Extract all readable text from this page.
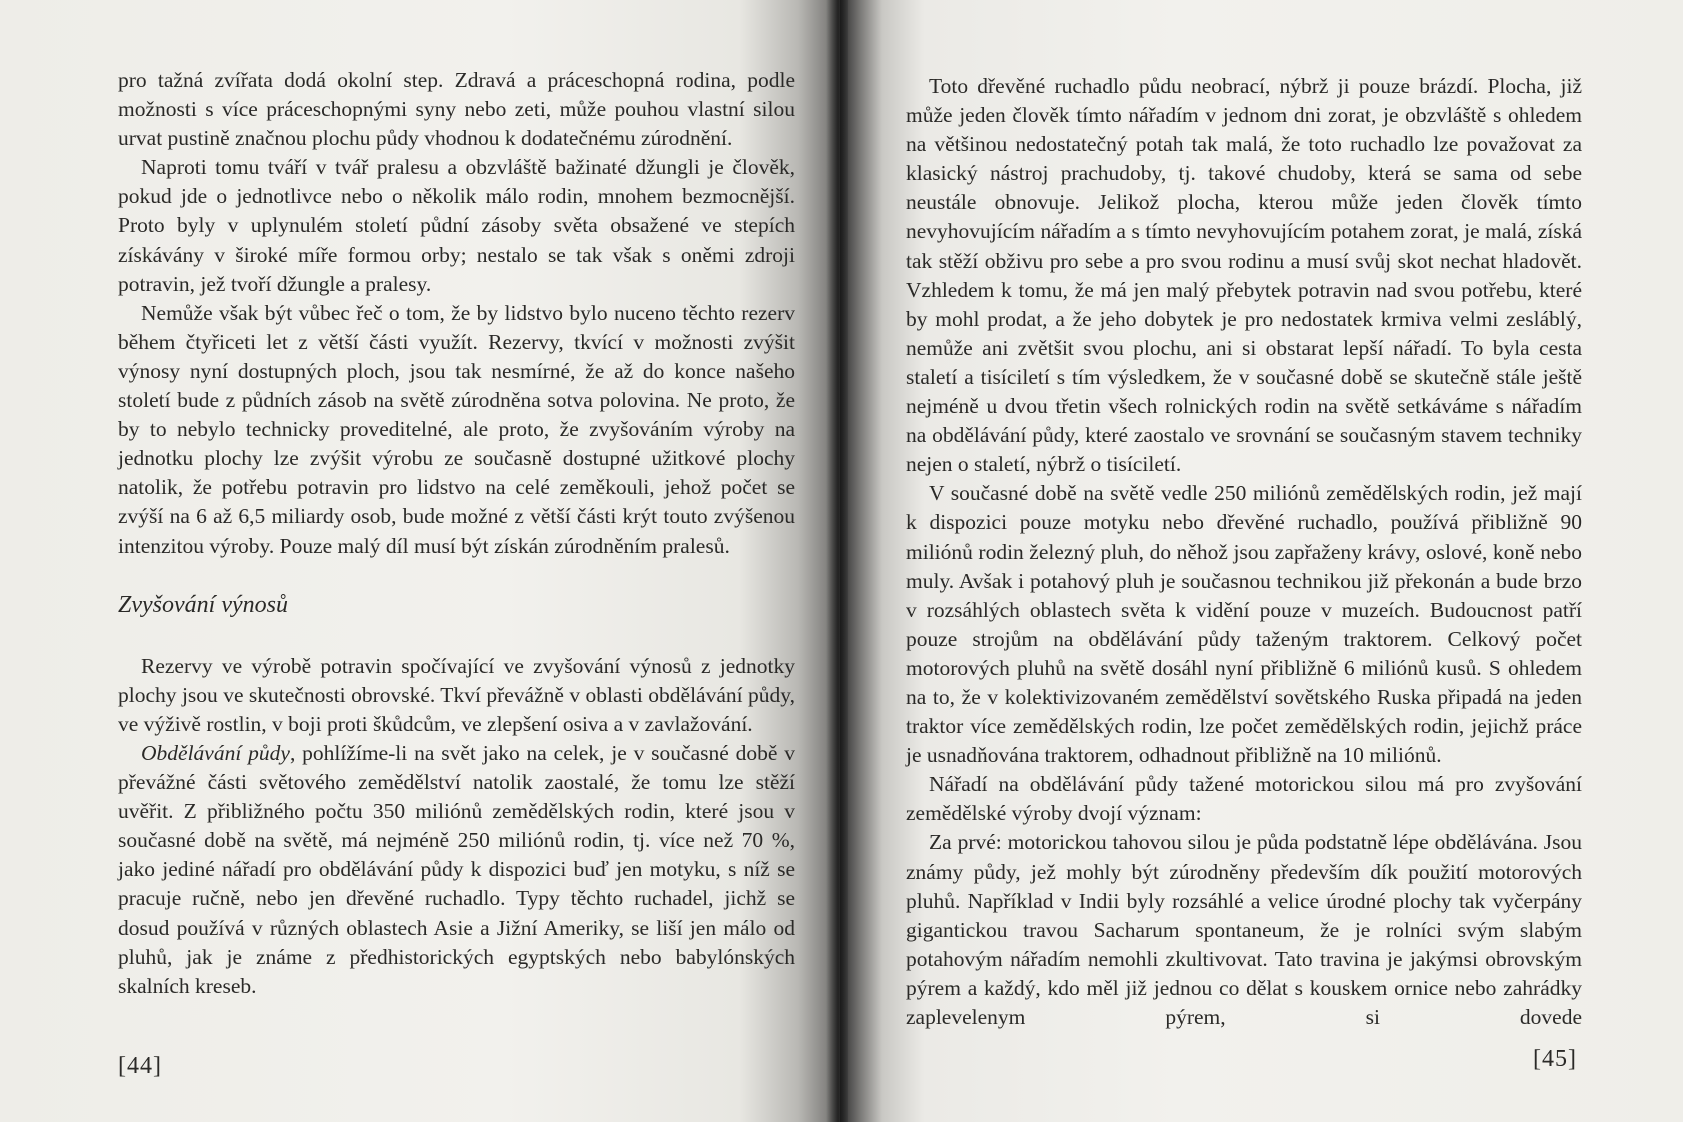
pro tažná zvířata dodá okolní step. Zdravá a práceschopná rodina, podle možnosti s více práceschopnými syny nebo zeti, může pouhou vlastní silou urvat pustině značnou plochu půdy vhodnou k dodatečnému zúrodnění.

Naproti tomu tváří v tvář pralesu a obzvláště bažinaté džungli je člověk, pokud jde o jednotlivce nebo o několik málo rodin, mnohem bezmocnější. Proto byly v uplynulém století půdní zásoby světa obsažené ve stepích získávány v široké míře formou orby; nestalo se tak však s oněmi zdroji potravin, jež tvoří džungle a pralesy.

Nemůže však být vůbec řeč o tom, že by lidstvo bylo nuceno těchto rezerv během čtyřiceti let z větší části využít. Rezervy, tkvící v možnosti zvýšit výnosy nyní dostupných ploch, jsou tak nesmírné, že až do konce našeho století bude z půdních zásob na světě zúrodněna sotva polovina. Ne proto, že by to nebylo technicky proveditelné, ale proto, že zvyšováním výroby na jednotku plochy lze zvýšit výrobu ze současně dostupné užitkové plochy natolik, že potřebu potravin pro lidstvo na celé zeměkouli, jehož počet se zvýší na 6 až 6,5 miliardy osob, bude možné z větší části krýt touto zvýšenou intenzitou výroby. Pouze malý díl musí být získán zúrodněním pralesů.

Zvyšování výnosů

Rezervy ve výrobě potravin spočívající ve zvyšování výnosů z jednotky plochy jsou ve skutečnosti obrovské. Tkví převážně v oblasti obdělávání půdy, ve výživě rostlin, v boji proti škůdcům, ve zlepšení osiva a v zavlažování.

Obdělávání půdy, pohlížíme-li na svět jako na celek, je v současné době v převážné části světového zemědělství natolik zaostalé, že tomu lze stěží uvěřit. Z přibližného počtu 350 miliónů zemědělských rodin, které jsou v současné době na světě, má nejméně 250 miliónů rodin, tj. více než 70 %, jako jediné nářadí pro obdělávání půdy k dispozici buď jen motyku, s níž se pracuje ručně, nebo jen dřevěné ruchadlo. Typy těchto ruchadel, jichž se dosud používá v různých oblastech Asie a Jižní Ameriky, se liší jen málo od pluhů, jak je známe z předhistorických egyptských nebo babylónských skalních kreseb.

Toto dřevěné ruchadlo půdu neobrací, nýbrž ji pouze brázdí. Plocha, již může jeden člověk tímto nářadím v jednom dni zorat, je obzvláště s ohledem na většinou nedostatečný potah tak malá, že toto ruchadlo lze považovat za klasický nástroj prachudoby, tj. takové chudoby, která se sama od sebe neustále obnovuje. Jelikož plocha, kterou může jeden člověk tímto nevyhovujícím nářadím a s tímto nevyhovujícím potahem zorat, je malá, získá tak stěží obživu pro sebe a pro svou rodinu a musí svůj skot nechat hladovět. Vzhledem k tomu, že má jen malý přebytek potravin nad svou potřebu, které by mohl prodat, a že jeho dobytek je pro nedostatek krmiva velmi zesláblý, nemůže ani zvětšit svou plochu, ani si obstarat lepší nářadí. To byla cesta staletí a tisíciletí s tím výsledkem, že v současné době se skutečně stále ještě nejméně u dvou třetin všech rolnických rodin na světě setkáváme s nářadím na obdělávání půdy, které zaostalo ve srovnání se současným stavem techniky nejen o staletí, nýbrž o tisíciletí.

V současné době na světě vedle 250 miliónů zemědělských rodin, jež mají k dispozici pouze motyku nebo dřevěné ruchadlo, používá přibližně 90 miliónů rodin železný pluh, do něhož jsou zapřaženy krávy, oslové, koně nebo muly. Avšak i potahový pluh je současnou technikou již překonán a bude brzo v rozsáhlých oblastech světa k vidění pouze v muzeích. Budoucnost patří pouze strojům na obdělávání půdy taženým traktorem. Celkový počet motorových pluhů na světě dosáhl nyní přibližně 6 miliónů kusů. S ohledem na to, že v kolektivizovaném zemědělství sovětského Ruska připadá na jeden traktor více zemědělských rodin, lze počet zemědělských rodin, jejichž práce je usnadňována traktorem, odhadnout přibližně na 10 miliónů.

Nářadí na obdělávání půdy tažené motorickou silou má pro zvyšování zemědělské výroby dvojí význam:

Za prvé: motorickou tahovou silou je půda podstatně lépe obdělávána. Jsou známy půdy, jež mohly být zúrodněny především dík použití motorových pluhů. Například v Indii byly rozsáhlé a velice úrodné plochy tak vyčerpány gigantickou travou Sacharum spontaneum, že je rolníci svým slabým potahovým nářadím nemohli zkultivovat. Tato travina je jakýmsi obrovským pýrem a každý, kdo měl již jednou co dělat s kouskem ornice nebo zahrádky zaplevelenym pýrem, si dovede

[44]	[45]
